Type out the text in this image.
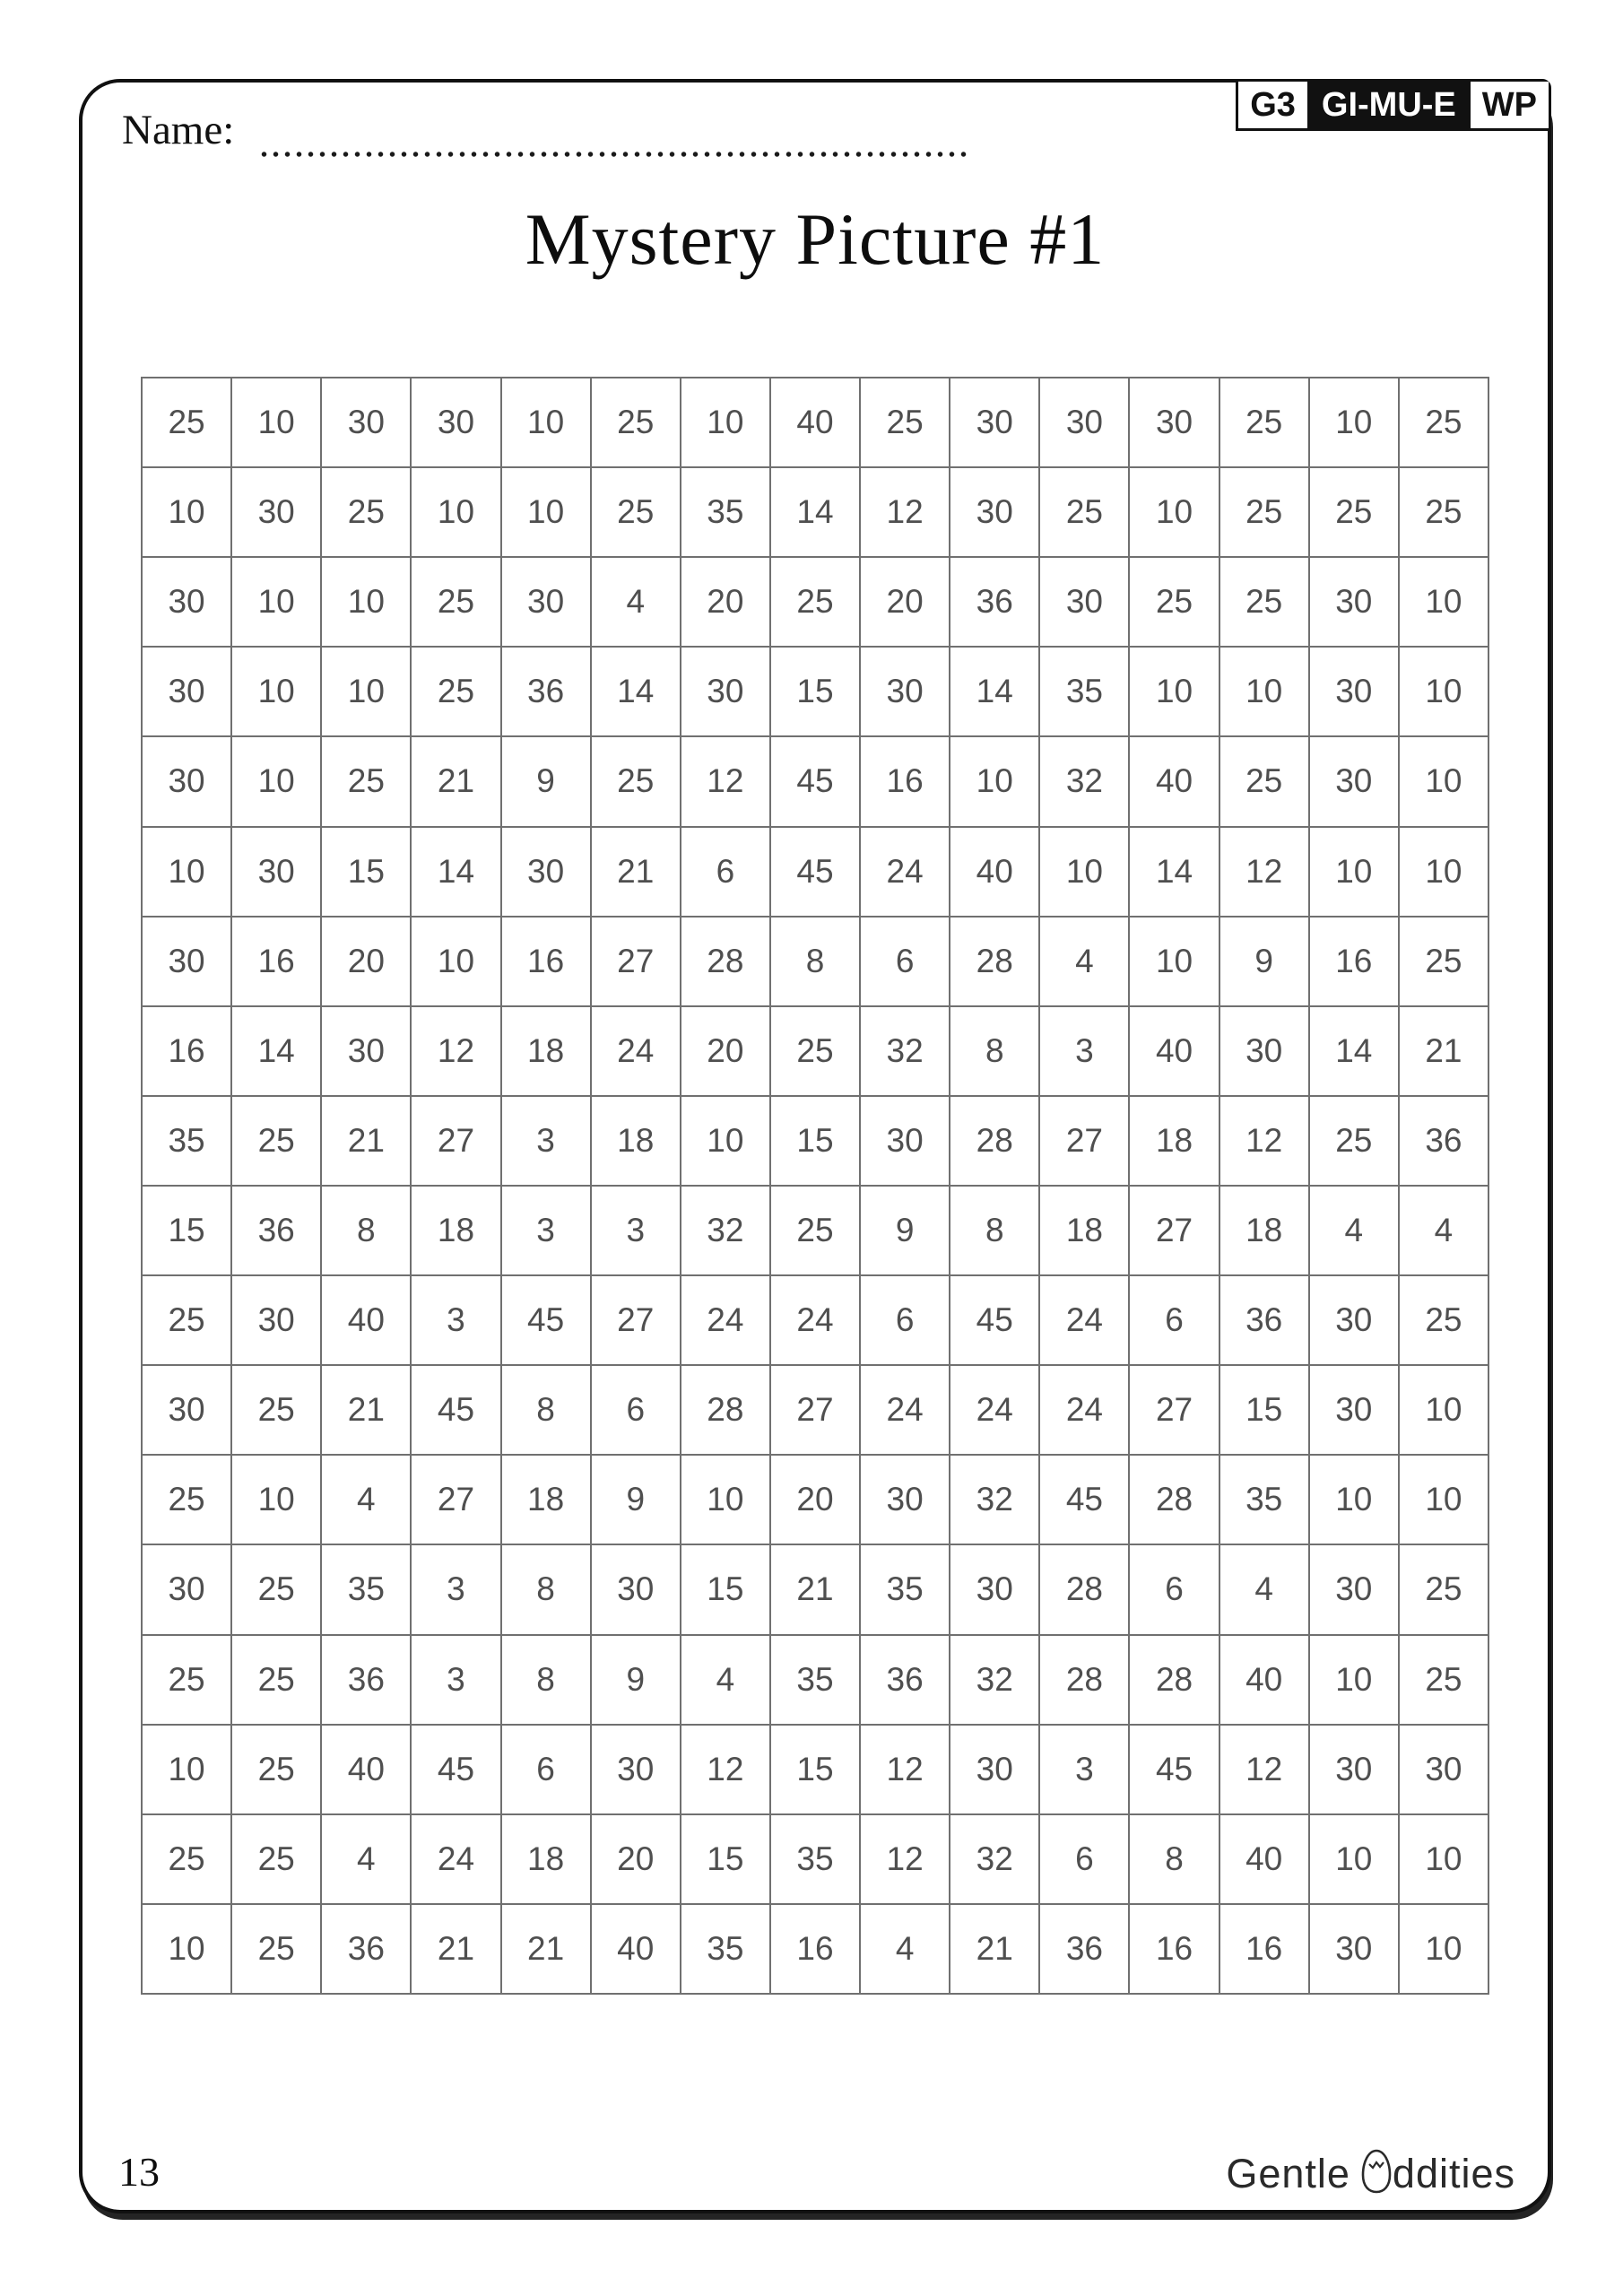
G3 GI-MU-E WP
Name:
Mystery Picture #1
25	10	30	30	10	25	10	40	25	30	30	30	25	10	25
10	30	25	10	10	25	35	14	12	30	25	10	25	25	25
30	10	10	25	30	4	20	25	20	36	30	25	25	30	10
30	10	10	25	36	14	30	15	30	14	35	10	10	30	10
30	10	25	21	9	25	12	45	16	10	32	40	25	30	10
10	30	15	14	30	21	6	45	24	40	10	14	12	10	10
30	16	20	10	16	27	28	8	6	28	4	10	9	16	25
16	14	30	12	18	24	20	25	32	8	3	40	30	14	21
35	25	21	27	3	18	10	15	30	28	27	18	12	25	36
15	36	8	18	3	3	32	25	9	8	18	27	18	4	4
25	30	40	3	45	27	24	24	6	45	24	6	36	30	25
30	25	21	45	8	6	28	27	24	24	24	27	15	30	10
25	10	4	27	18	9	10	20	30	32	45	28	35	10	10
30	25	35	3	8	30	15	21	35	30	28	6	4	30	25
25	25	36	3	8	9	4	35	36	32	28	28	40	10	25
10	25	40	45	6	30	12	15	12	30	3	45	12	30	30
25	25	4	24	18	20	15	35	12	32	6	8	40	10	10
10	25	36	21	21	40	35	16	4	21	36	16	16	30	10
13	Gentle ddities
